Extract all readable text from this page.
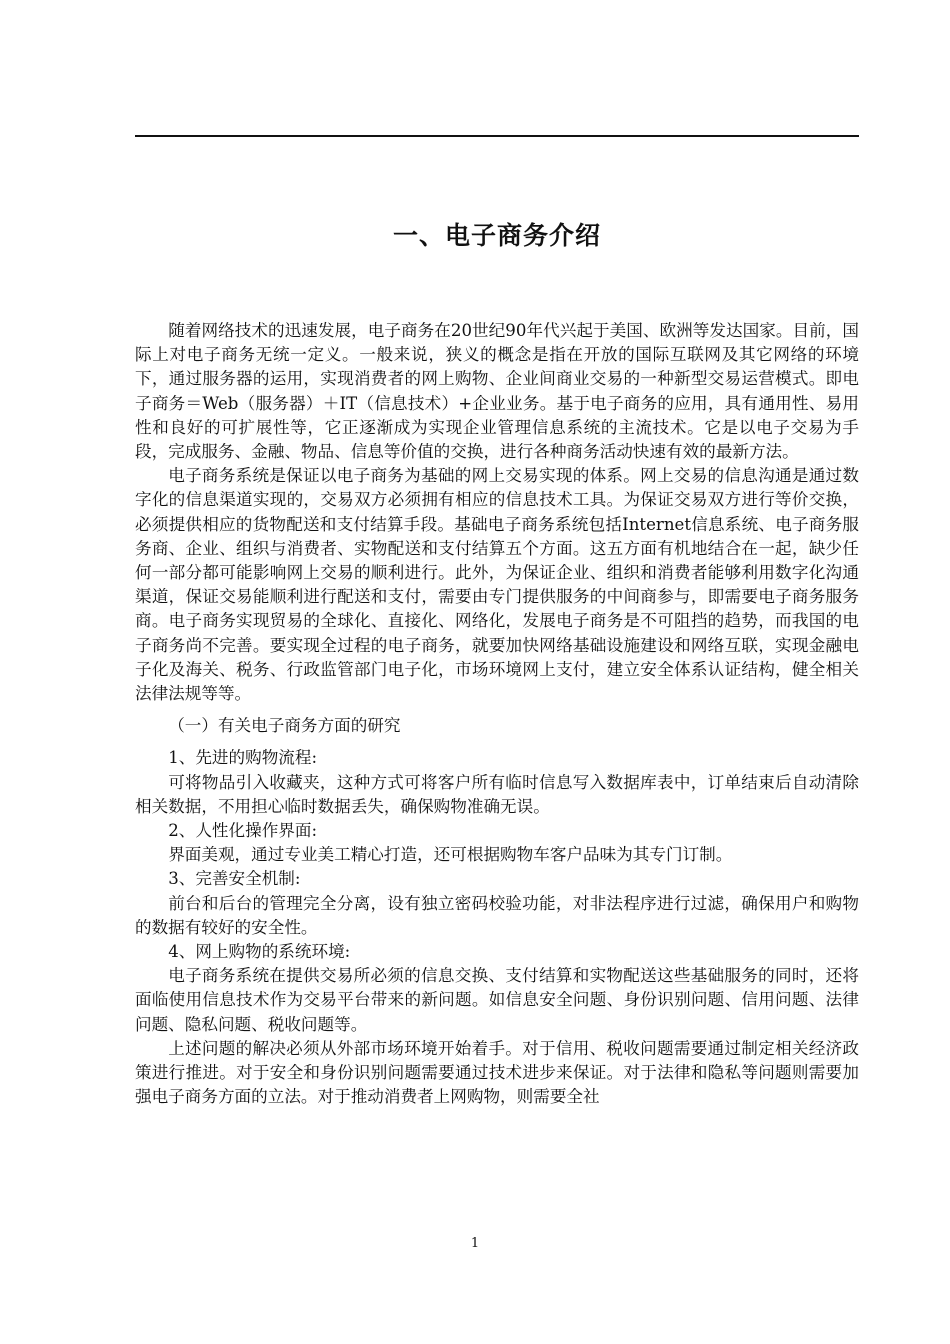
一、电子商务介绍

随着网络技术的迅速发展，电子商务在20世纪90年代兴起于美国、欧洲等发达国家。目前，国际上对电子商务无统一定义。一般来说，狭义的概念是指在开放的国际互联网及其它网络的环境下，通过服务器的运用，实现消费者的网上购物、企业间商业交易的一种新型交易运营模式。即电子商务＝Web（服务器）＋IT（信息技术）+企业业务。基于电子商务的应用，具有通用性、易用性和良好的可扩展性等，它正逐渐成为实现企业管理信息系统的主流技术。它是以电子交易为手段，完成服务、金融、物品、信息等价值的交换，进行各种商务活动快速有效的最新方法。

电子商务系统是保证以电子商务为基础的网上交易实现的体系。网上交易的信息沟通是通过数字化的信息渠道实现的，交易双方必须拥有相应的信息技术工具。为保证交易双方进行等价交换，必须提供相应的货物配送和支付结算手段。基础电子商务系统包括Internet信息系统、电子商务服务商、企业、组织与消费者、实物配送和支付结算五个方面。这五方面有机地结合在一起，缺少任何一部分都可能影响网上交易的顺利进行。此外，为保证企业、组织和消费者能够利用数字化沟通渠道，保证交易能顺利进行配送和支付，需要由专门提供服务的中间商参与，即需要电子商务服务商。电子商务实现贸易的全球化、直接化、网络化，发展电子商务是不可阻挡的趋势，而我国的电子商务尚不完善。要实现全过程的电子商务，就要加快网络基础设施建设和网络互联，实现金融电子化及海关、税务、行政监管部门电子化，市场环境网上支付，建立安全体系认证结构，健全相关法律法规等等。

（一）有关电子商务方面的研究

1、先进的购物流程:

可将物品引入收藏夹，这种方式可将客户所有临时信息写入数据库表中，订单结束后自动清除相关数据，不用担心临时数据丢失，确保购物准确无误。

2、人性化操作界面:

界面美观，通过专业美工精心打造，还可根据购物车客户品味为其专门订制。

3、完善安全机制:

前台和后台的管理完全分离，设有独立密码校验功能，对非法程序进行过滤，确保用户和购物的数据有较好的安全性。

4、网上购物的系统环境:

电子商务系统在提供交易所必须的信息交换、支付结算和实物配送这些基础服务的同时，还将面临使用信息技术作为交易平台带来的新问题。如信息安全问题、身份识别问题、信用问题、法律问题、隐私问题、税收问题等。

上述问题的解决必须从外部市场环境开始着手。对于信用、税收问题需要通过制定相关经济政策进行推进。对于安全和身份识别问题需要通过技术进步来保证。对于法律和隐私等问题则需要加强电子商务方面的立法。对于推动消费者上网购物，则需要全社

1
